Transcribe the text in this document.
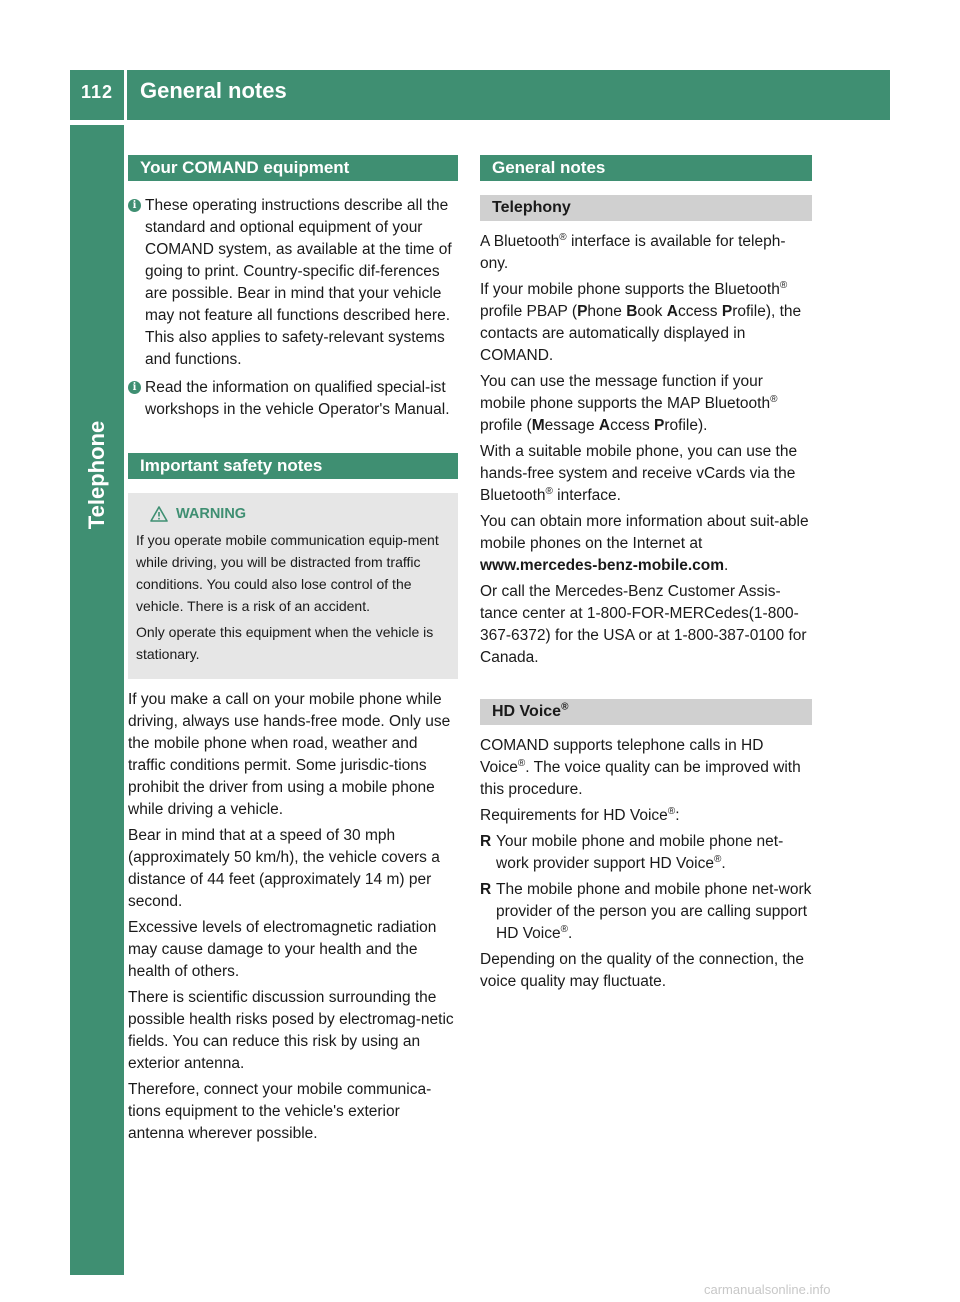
112	General notes
Telephone
Your COMAND equipment
i These operating instructions describe all the standard and optional equipment of your COMAND system, as available at the time of going to print. Country-specific dif-ferences are possible. Bear in mind that your vehicle may not feature all functions described here. This also applies to safety-relevant systems and functions.
i Read the information on qualified special-ist workshops in the vehicle Operator's Manual.
Important safety notes
WARNING

If you operate mobile communication equip-ment while driving, you will be distracted from traffic conditions. You could also lose control of the vehicle. There is a risk of an accident.

Only operate this equipment when the vehicle is stationary.

If you make a call on your mobile phone while driving, always use hands-free mode. Only use the mobile phone when road, weather and traffic conditions permit. Some jurisdic-tions prohibit the driver from using a mobile phone while driving a vehicle.

Bear in mind that at a speed of 30 mph (approximately 50 km/h), the vehicle covers a distance of 44 feet (approximately 14 m) per second.

Excessive levels of electromagnetic radiation may cause damage to your health and the health of others.

There is scientific discussion surrounding the possible health risks posed by electromag-netic fields. You can reduce this risk by using an exterior antenna.

Therefore, connect your mobile communica-tions equipment to the vehicle's exterior antenna wherever possible.

General notes
Telephony

A Bluetooth® interface is available for teleph-ony.

If your mobile phone supports the Bluetooth® profile PBAP (Phone Book Access Profile), the contacts are automatically displayed in COMAND.

You can use the message function if your mobile phone supports the MAP Bluetooth® profile (Message Access Profile).

With a suitable mobile phone, you can use the hands-free system and receive vCards via the Bluetooth® interface.

You can obtain more information about suit-able mobile phones on the Internet at www.mercedes-benz-mobile.com.

Or call the Mercedes-Benz Customer Assis-tance center at 1-800-FOR-MERCedes(1-800-367-6372) for the USA or at 1-800-387-0100 for Canada.

HD Voice®

COMAND supports telephone calls in HD Voice®. The voice quality can be improved with this procedure.

Requirements for HD Voice®:

R Your mobile phone and mobile phone net-work provider support HD Voice®.
R The mobile phone and mobile phone net-work provider of the person you are calling support HD Voice®.

Depending on the quality of the connection, the voice quality may fluctuate.

carmanualsonline.info
